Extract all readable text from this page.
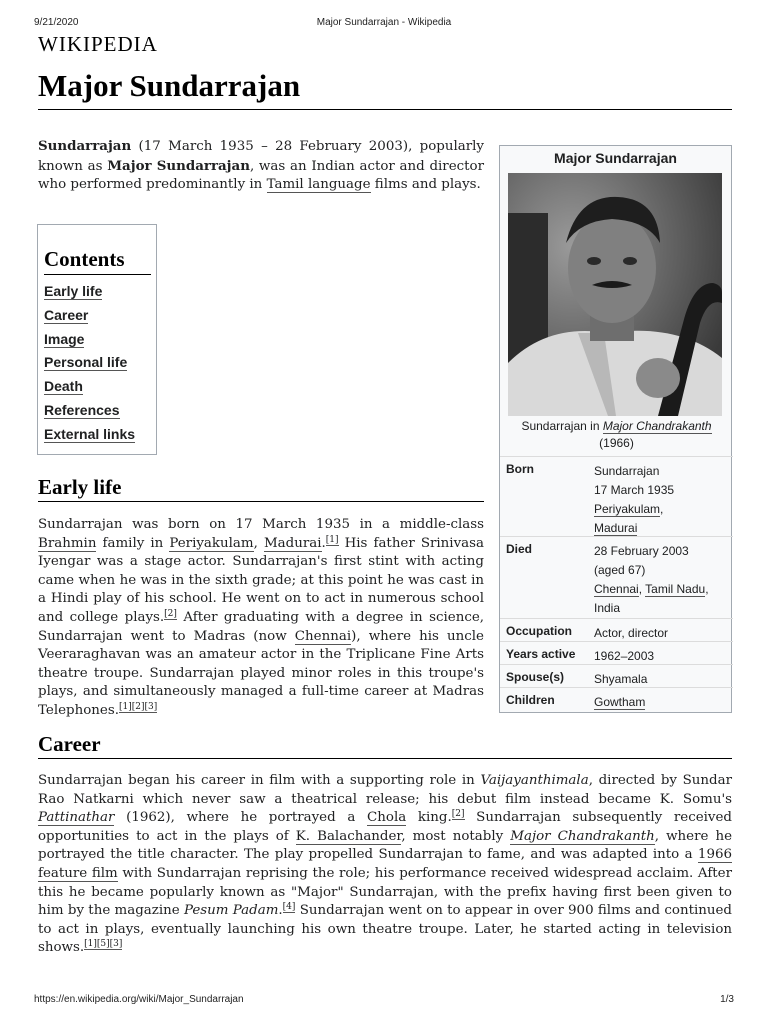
9/21/2020	Major Sundarrajan - Wikipedia
WIKIPEDIA
Major Sundarrajan

Sundarrajan (17 March 1935 – 28 February 2003), popularly known as Major Sundarrajan, was an Indian actor and director who performed predominantly in Tamil language films and plays.

Contents
Early life
Career
Image
Personal life
Death
References
External links
Early life

Sundarrajan was born on 17 March 1935 in a middle-class Brahmin family in Periyakulam, Madurai.[1] His father Srinivasa Iyengar was a stage actor. Sundarrajan's first stint with acting came when he was in the sixth grade; at this point he was cast in a Hindi play of his school. He went on to act in numerous school and college plays.[2] After graduating with a degree in science, Sundarrajan went to Madras (now Chennai), where his uncle Veeraraghavan was an amateur actor in the Triplicane Fine Arts theatre troupe. Sundarrajan played minor roles in this troupe's plays, and simultaneously managed a full-time career at Madras Telephones.[1][2][3]

Career

Sundarrajan began his career in film with a supporting role in Vaijayanthimala, directed by Sundar Rao Natkarni which never saw a theatrical release; his debut film instead became K. Somu's Pattinathar (1962), where he portrayed a Chola king.[2] Sundarrajan subsequently received opportunities to act in the plays of K. Balachander, most notably Major Chandrakanth, where he portrayed the title character. The play propelled Sundarrajan to fame, and was adapted into a 1966 feature film with Sundarrajan reprising the role; his performance received widespread acclaim. After this he became popularly known as "Major" Sundarrajan, with the prefix having first been given to him by the magazine Pesum Padam.[4] Sundarrajan went on to appear in over 900 films and continued to act in plays, eventually launching his own theatre troupe. Later, he started acting in television shows.[1][5][3]

Major Sundarrajan
Sundarrajan in Major Chandrakanth
(1966)
Born	Sundarrajan
17 March 1935
Periyakulam,
Madurai
Died	28 February 2003
(aged 67)
Chennai, Tamil Nadu,
India
Occupation Actor, director
Years active 1962–2003
Spouse(s) Shyamala
Children	Gowtham
https://en.wikipedia.org/wiki/Major_Sundarrajan	1/3
